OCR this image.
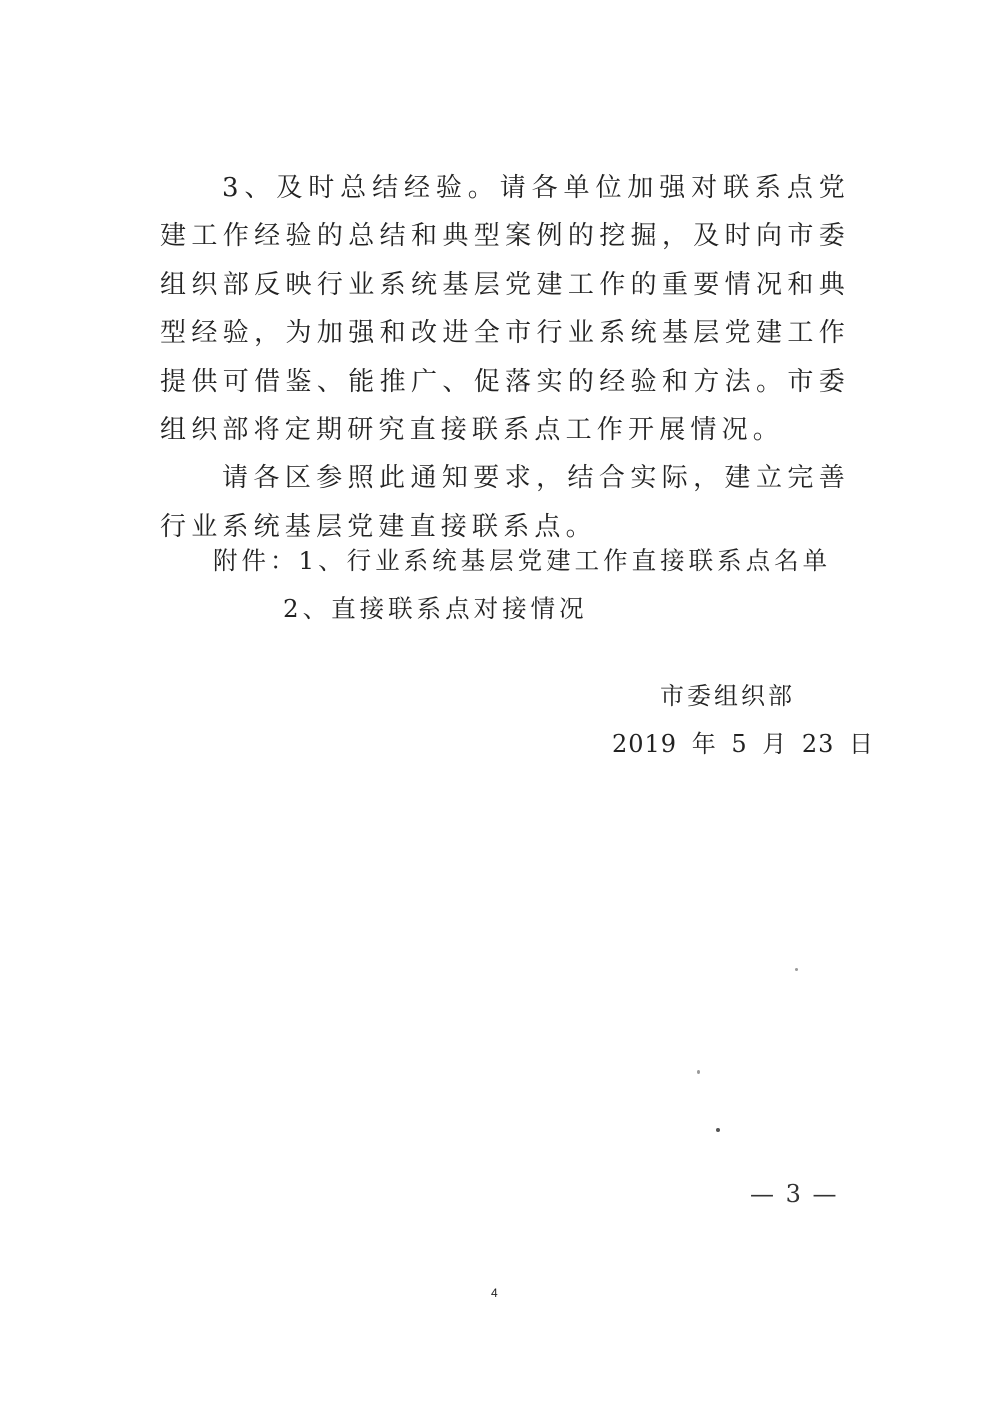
3、及时总结经验。请各单位加强对联系点党建工作经验的总结和典型案例的挖掘，及时向市委组织部反映行业系统基层党建工作的重要情况和典型经验，为加强和改进全市行业系统基层党建工作提供可借鉴、能推广、促落实的经验和方法。市委组织部将定期研究直接联系点工作开展情况。

请各区参照此通知要求，结合实际，建立完善行业系统基层党建直接联系点。

附件：1、行业系统基层党建工作直接联系点名单
2、直接联系点对接情况
市委组织部
2019 年 5 月 23 日
— 3 —
4
